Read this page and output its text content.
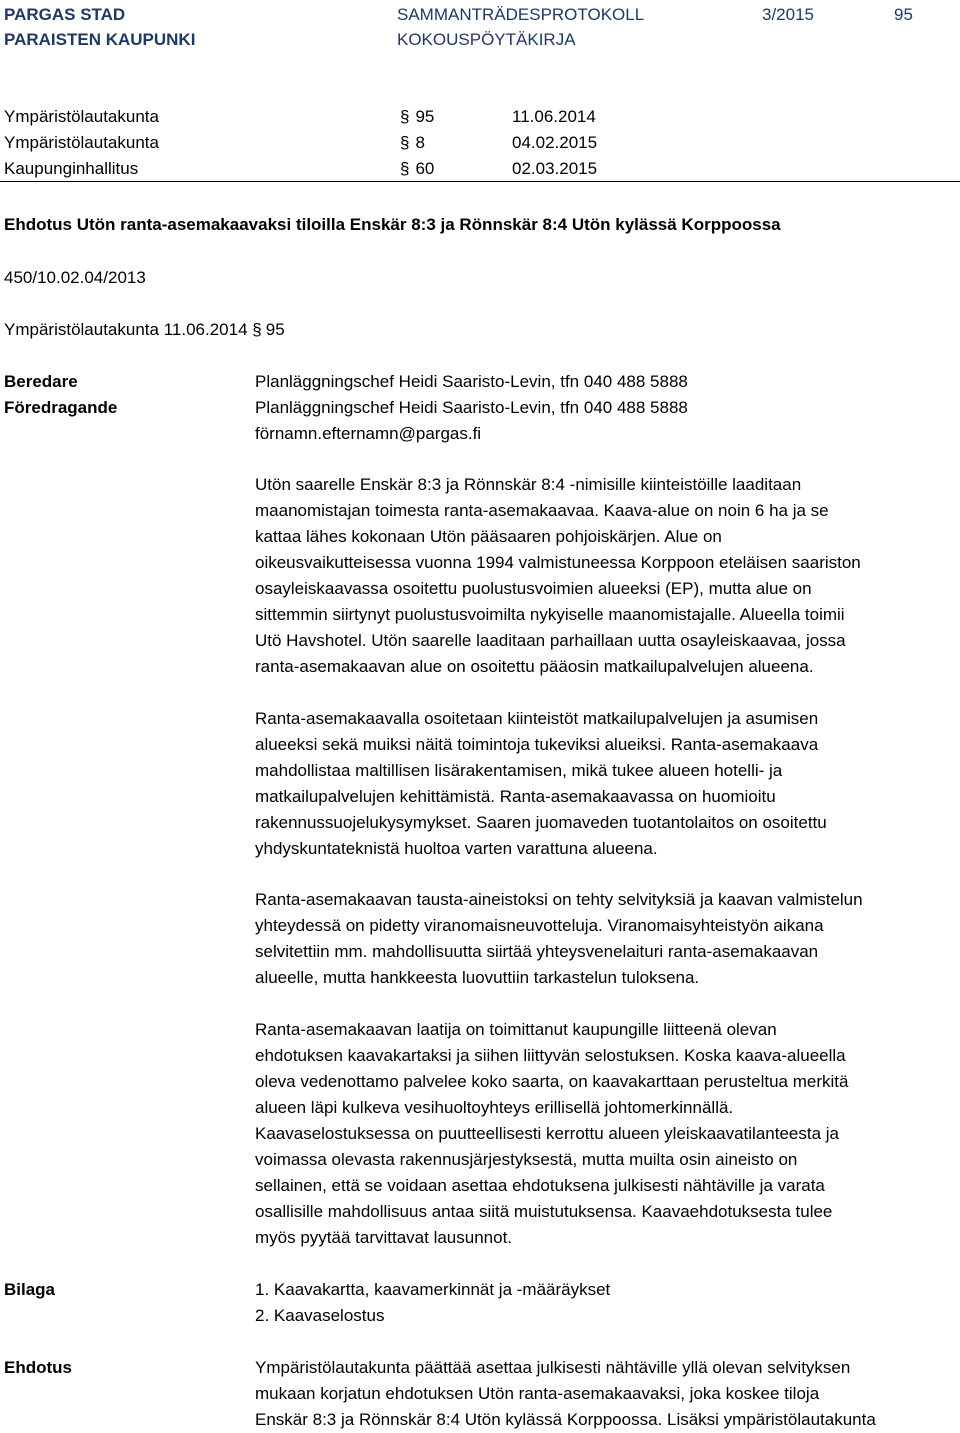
PARGAS STAD
PARAISTEN KAUPUNKI
SAMMANTRÄDESPROTOKOLL
KOKOUSPÖYTÄKIRJA
3/2015	95
Ympäristölautakunta	§ 95	11.06.2014
Ympäristölautakunta	§ 8	04.02.2015
Kaupunginhallitus	§ 60	02.03.2015
Ehdotus Utön ranta-asemakaavaksi tiloilla Enskär 8:3 ja Rönnskär 8:4 Utön kylässä Korppoossa
450/10.02.04/2013
Ympäristölautakunta 11.06.2014 § 95
Beredare	Planläggningschef Heidi Saaristo-Levin, tfn 040 488 5888
Föredragande	Planläggningschef Heidi Saaristo-Levin, tfn 040 488 5888
förnamn.efternamn@pargas.fi
Utön saarelle Enskär 8:3 ja Rönnskär 8:4 -nimisille kiinteistöille laaditaan
maanomistajan toimesta ranta-asemakaavaa. Kaava-alue on noin 6 ha ja se
kattaa lähes kokonaan Utön pääsaaren pohjoiskärjen. Alue on
oikeusvaikutteisessa vuonna 1994 valmistuneessa Korppoon eteläisen saariston
osayleiskaavassa osoitettu puolustusvoimien alueeksi (EP), mutta alue on
sittemmin siirtynyt puolustusvoimilta nykyiselle maanomistajalle. Alueella toimii
Utö Havshotel. Utön saarelle laaditaan parhaillaan uutta osayleiskaavaa, jossa
ranta-asemakaavan alue on osoitettu pääosin matkailupalvelujen alueena.
Ranta-asemakaavalla osoitetaan kiinteistöt matkailupalvelujen ja asumisen
alueeksi sekä muiksi näitä toimintoja tukeviksi alueiksi. Ranta-asemakaava
mahdollistaa maltillisen lisärakentamisen, mikä tukee alueen hotelli- ja
matkailupalvelujen kehittämistä. Ranta-asemakaavassa on huomioitu
rakennussuojelukysymykset. Saaren juomaveden tuotantolaitos on osoitettu
yhdyskuntateknistä huoltoa varten varattuna alueena.
Ranta-asemakaavan tausta-aineistoksi on tehty selvityksiä ja kaavan valmistelun
yhteydessä on pidetty viranomaisneuvotteluja. Viranomaisyhteistyön aikana
selvitettiin mm. mahdollisuutta siirtää yhteysvenelaituri ranta-asemakaavan
alueelle, mutta hankkeesta luovuttiin tarkastelun tuloksena.
Ranta-asemakaavan laatija on toimittanut kaupungille liitteenä olevan
ehdotuksen kaavakartaksi ja siihen liittyvän selostuksen. Koska kaava-alueella
oleva vedenottamo palvelee koko saarta, on kaavakarttaan perusteltua merkitä
alueen läpi kulkeva vesihuoltoyhteys erillisellä johtomerkinnällä.
Kaavaselostuksessa on puutteellisesti kerrottu alueen yleiskaavatilanteesta ja
voimassa olevasta rakennusjärjestyksestä, mutta muilta osin aineisto on
sellainen, että se voidaan asettaa ehdotuksena julkisesti nähtäville ja varata
osallisille mahdollisuus antaa siitä muistutuksensa. Kaavaehdotuksesta tulee
myös pyytää tarvittavat lausunnot.
Bilaga	1. Kaavakartta, kaavamerkinnät ja -määräykset
2. Kaavaselostus
Ehdotus	Ympäristölautakunta päättää asettaa julkisesti nähtäville yllä olevan selvityksen
mukaan korjatun ehdotuksen Utön ranta-asemakaavaksi, joka koskee tiloja
Enskär 8:3 ja Rönnskär 8:4 Utön kylässä Korppoossa. Lisäksi ympäristölautakunta
